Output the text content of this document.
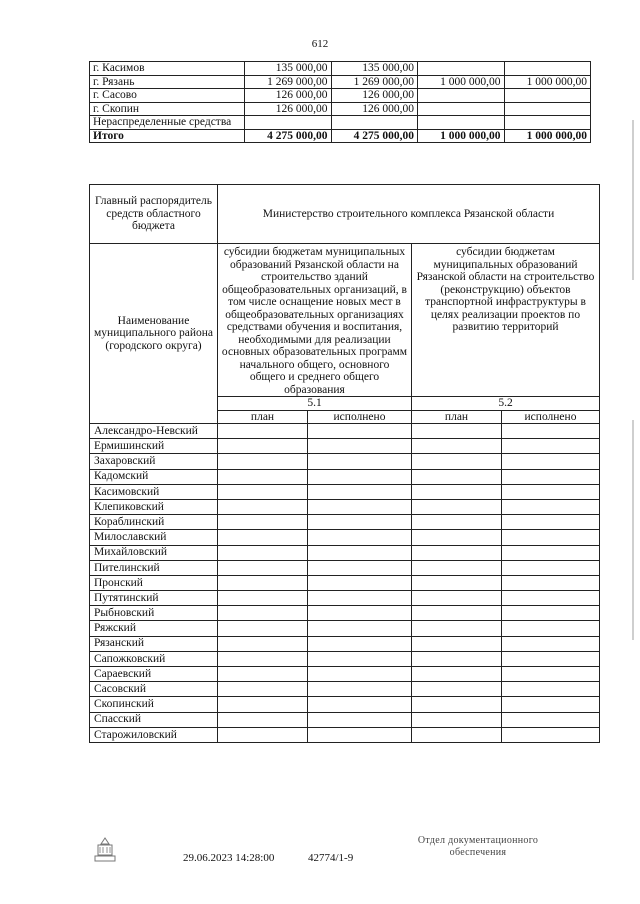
612
г. Касимов	135 000,00	135 000,00		
г. Рязань	1 269 000,00	1 269 000,00	1 000 000,00	1 000 000,00
г. Сасово	126 000,00	126 000,00		
г. Скопин	126 000,00	126 000,00		
Нераспределенные средства				
Итого	4 275 000,00	4 275 000,00	1 000 000,00	1 000 000,00
Главный распорядитель средств областного бюджета	Министерство строительного комплекса Рязанской области			
Наименование муниципального района (городского округа)	субсидии бюджетам муниципальных образований Рязанской области на строительство зданий общеобразовательных организаций, в том числе оснащение новых мест в общеобразовательных организациях средствами обучения и воспитания, необходимыми для реализации основных образовательных программ начального общего, основного общего и среднего общего образования		субсидии бюджетам муниципальных образований Рязанской области на строительство (реконструкцию) объектов транспортной инфраструктуры в целях реализации проектов по развитию территорий	
	5.1		5.2	
	план	исполнено	план	исполнено
Александро-Невский				
Ермишинский				
Захаровский				
Кадомский				
Касимовский				
Клепиковский				
Кораблинский				
Милославский				
Михайловский				
Пителинский				
Пронский				
Путятинский				
Рыбновский				
Ряжский				
Рязанский				
Сапожковский				
Сараевский				
Сасовский				
Скопинский				
Спасский				
Старожиловский				
29.06.2023 14:28:00	42774/1-9
Отдел документационного обеспечения
